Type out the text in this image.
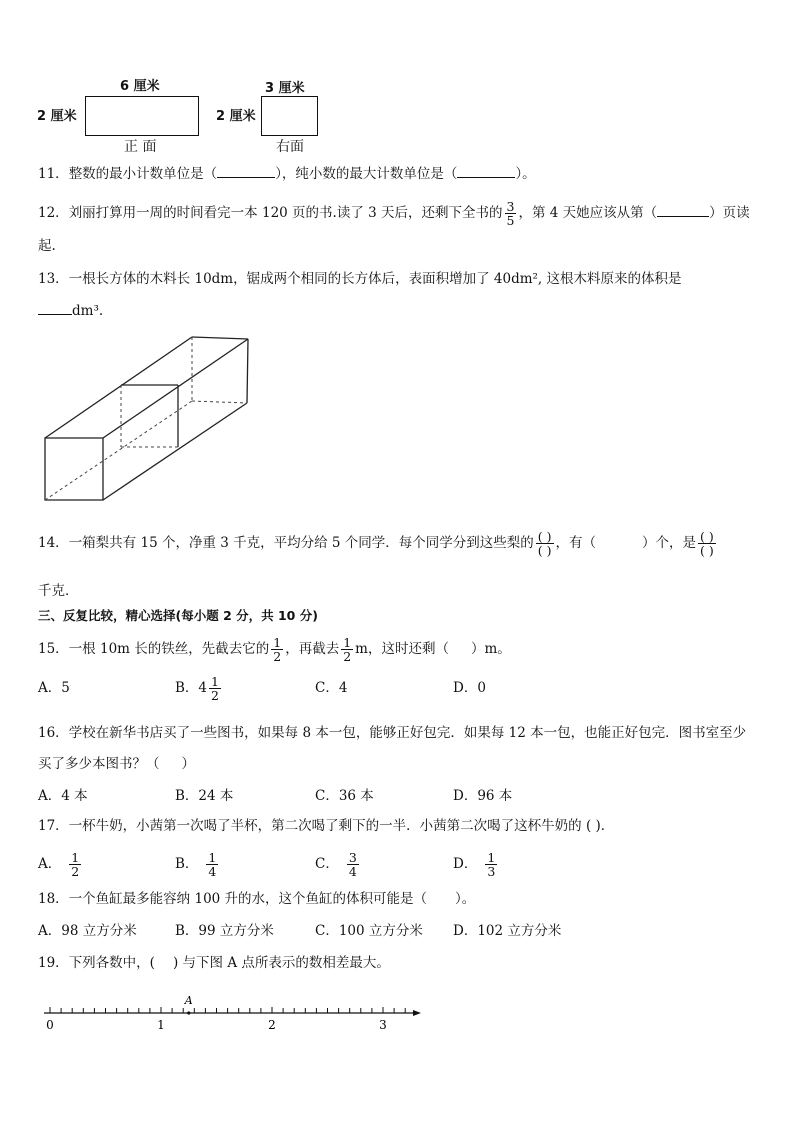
6 厘米
2 厘米
正 面
3 厘米
2 厘米
右面
11．整数的最小计数单位是（	），纯小数的最大计数单位是（	）。
12．刘丽打算用一周的时间看完一本 120 页的书.读了 3 天后，还剩下全书的 $\frac{3}{5}$ ，第 4 天她应该从第（	）页读
起.
13．一根长方体的木料长 10dm，锯成两个相同的长方体后，表面积增加了 40dm², 这根木料原来的体积是
dm³.
14．一箱梨共有 15 个，净重 3 千克，平均分给 5 个同学．每个同学分到这些梨的 $\frac{( )}{( )}$ ，有（	）个，是 $\frac{( )}{( )}$
千克．
三、反复比较，精心选择(每小题 2 分，共 10 分)
15．一根 10m 长的铁丝，先截去它的 $\frac{1}{2}$ ，再截去 $\frac{1}{2}$ m，这时还剩（ ）m。
A．5	B．$4 \frac{1}{2}$	C．4	D．0
16．学校在新华书店买了一些图书，如果每 8 本一包，能够正好包完．如果每 12 本一包，也能正好包完．图书室至少
买了多少本图书？（ ）
A．4 本	B．24 本	C．36 本	D．96 本
17．一杯牛奶，小茜第一次喝了半杯，第二次喝了剩下的一半．小茜第二次喝了这杯牛奶的 ( )．
A． $\frac{1}{2}$	B． $\frac{1}{4}$	C． $\frac{3}{4}$	D． $\frac{1}{3}$
18．一个鱼缸最多能容纳 100 升的水，这个鱼缸的体积可能是（ ）。
A．98 立方分米	B．99 立方分米	C．100 立方分米 D．102 立方分米
19．下列各数中，( ) 与下图 A 点所表示的数相差最大。
0	1	2	3
A
